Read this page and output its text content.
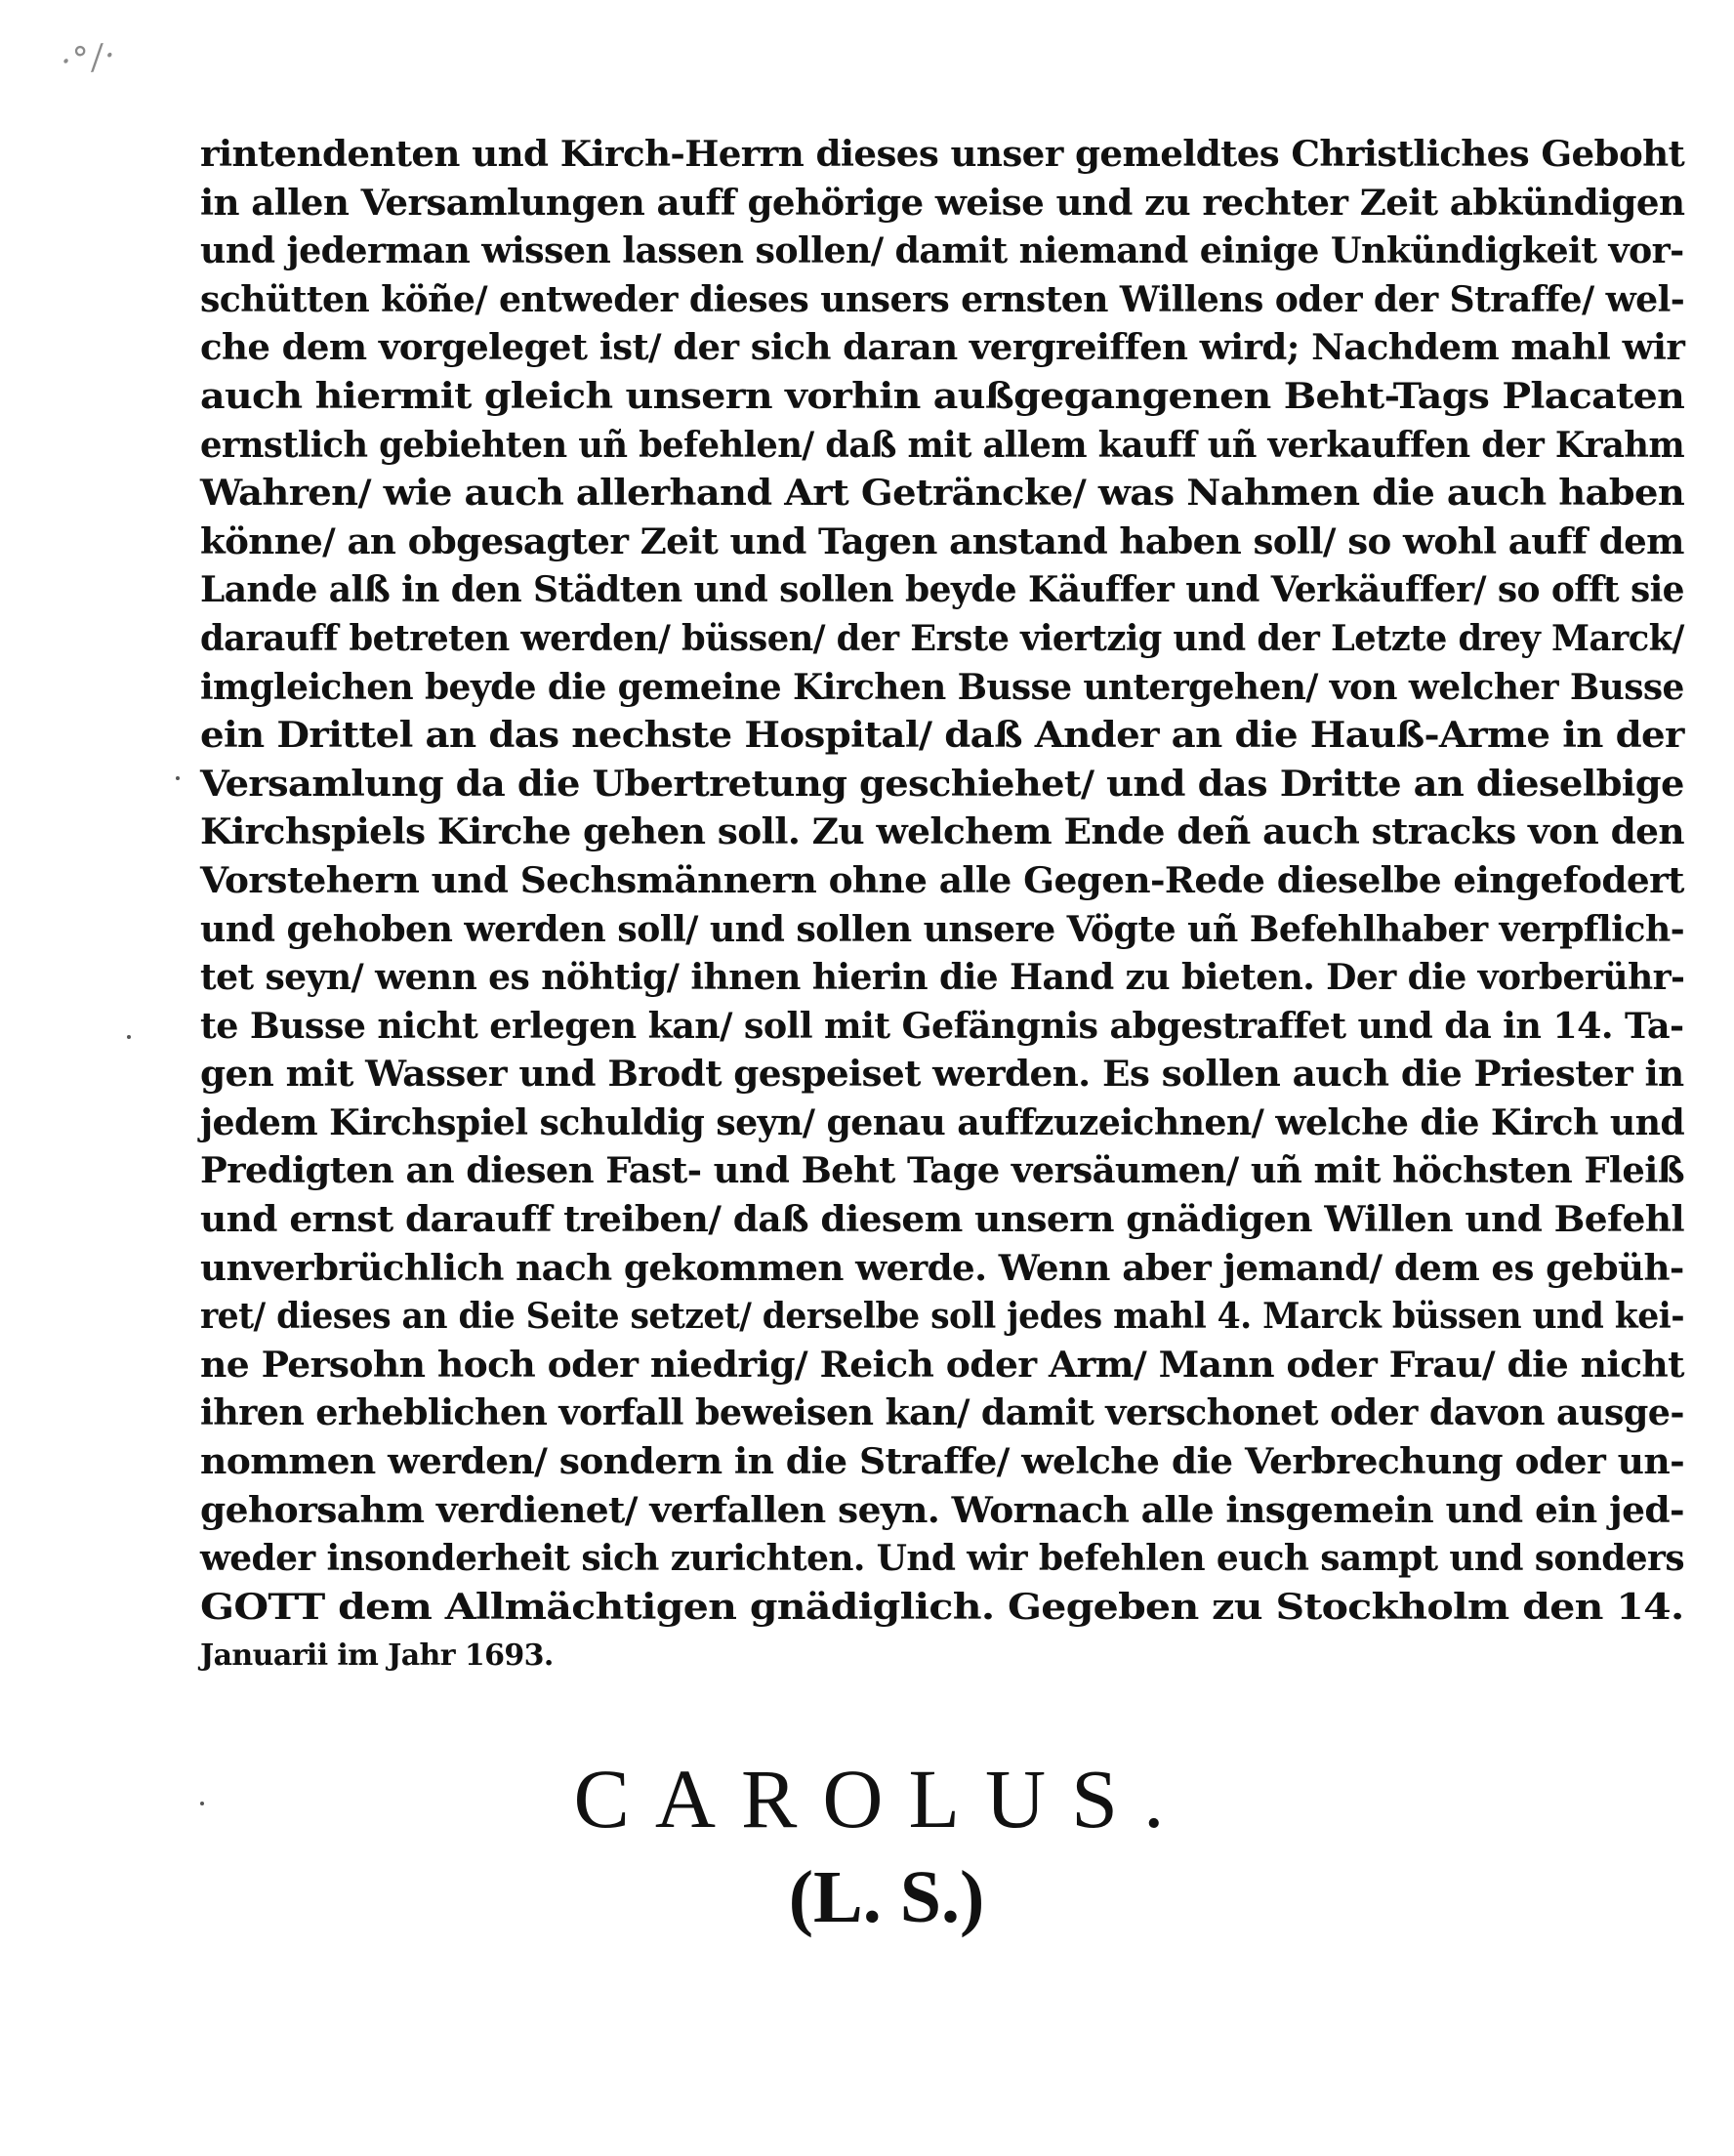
·°/·
rintendenten und Kirch-Herrn dieses unser gemeldtes Christliches Geboht
in allen Versamlungen auff gehörige weise und zu rechter Zeit abkündigen
und jederman wissen lassen sollen/ damit niemand einige Unkündigkeit vor-
schütten köñe/ entweder dieses unsers ernsten Willens oder der Straffe/ wel-
che dem vorgeleget ist/ der sich daran vergreiffen wird; Nachdem mahl wir
auch hiermit gleich unsern vorhin außgegangenen Beht-Tags Placaten
ernstlich gebiehten uñ befehlen/ daß mit allem kauff uñ verkauffen der Krahm
Wahren/ wie auch allerhand Art Geträncke/ was Nahmen die auch haben
könne/ an obgesagter Zeit und Tagen anstand haben soll/ so wohl auff dem
Lande alß in den Städten und sollen beyde Käuffer und Verkäuffer/ so offt sie
darauff betreten werden/ büssen/ der Erste viertzig und der Letzte drey Marck/
imgleichen beyde die gemeine Kirchen Busse untergehen/ von welcher Busse
ein Drittel an das nechste Hospital/ daß Ander an die Hauß-Arme in der
Versamlung da die Ubertretung geschiehet/ und das Dritte an dieselbige
Kirchspiels Kirche gehen soll. Zu welchem Ende deñ auch stracks von den
Vorstehern und Sechsmännern ohne alle Gegen-Rede dieselbe eingefodert
und gehoben werden soll/ und sollen unsere Vögte uñ Befehlhaber verpflich-
tet seyn/ wenn es nöhtig/ ihnen hierin die Hand zu bieten. Der die vorberühr-
te Busse nicht erlegen kan/ soll mit Gefängnis abgestraffet und da in 14. Ta-
gen mit Wasser und Brodt gespeiset werden. Es sollen auch die Priester in
jedem Kirchspiel schuldig seyn/ genau auffzuzeichnen/ welche die Kirch und
Predigten an diesen Fast- und Beht Tage versäumen/ uñ mit höchsten Fleiß
und ernst darauff treiben/ daß diesem unsern gnädigen Willen und Befehl
unverbrüchlich nach gekommen werde. Wenn aber jemand/ dem es gebüh-
ret/ dieses an die Seite setzet/ derselbe soll jedes mahl 4. Marck büssen und kei-
ne Persohn hoch oder niedrig/ Reich oder Arm/ Mann oder Frau/ die nicht
ihren erheblichen vorfall beweisen kan/ damit verschonet oder davon ausge-
nommen werden/ sondern in die Straffe/ welche die Verbrechung oder un-
gehorsahm verdienet/ verfallen seyn. Wornach alle insgemein und ein jed-
weder insonderheit sich zurichten. Und wir befehlen euch sampt und sonders
GOTT dem Allmächtigen gnädiglich. Gegeben zu Stockholm den 14.
Januarii im Jahr 1693.
CAROLUS.
(L. S.)
